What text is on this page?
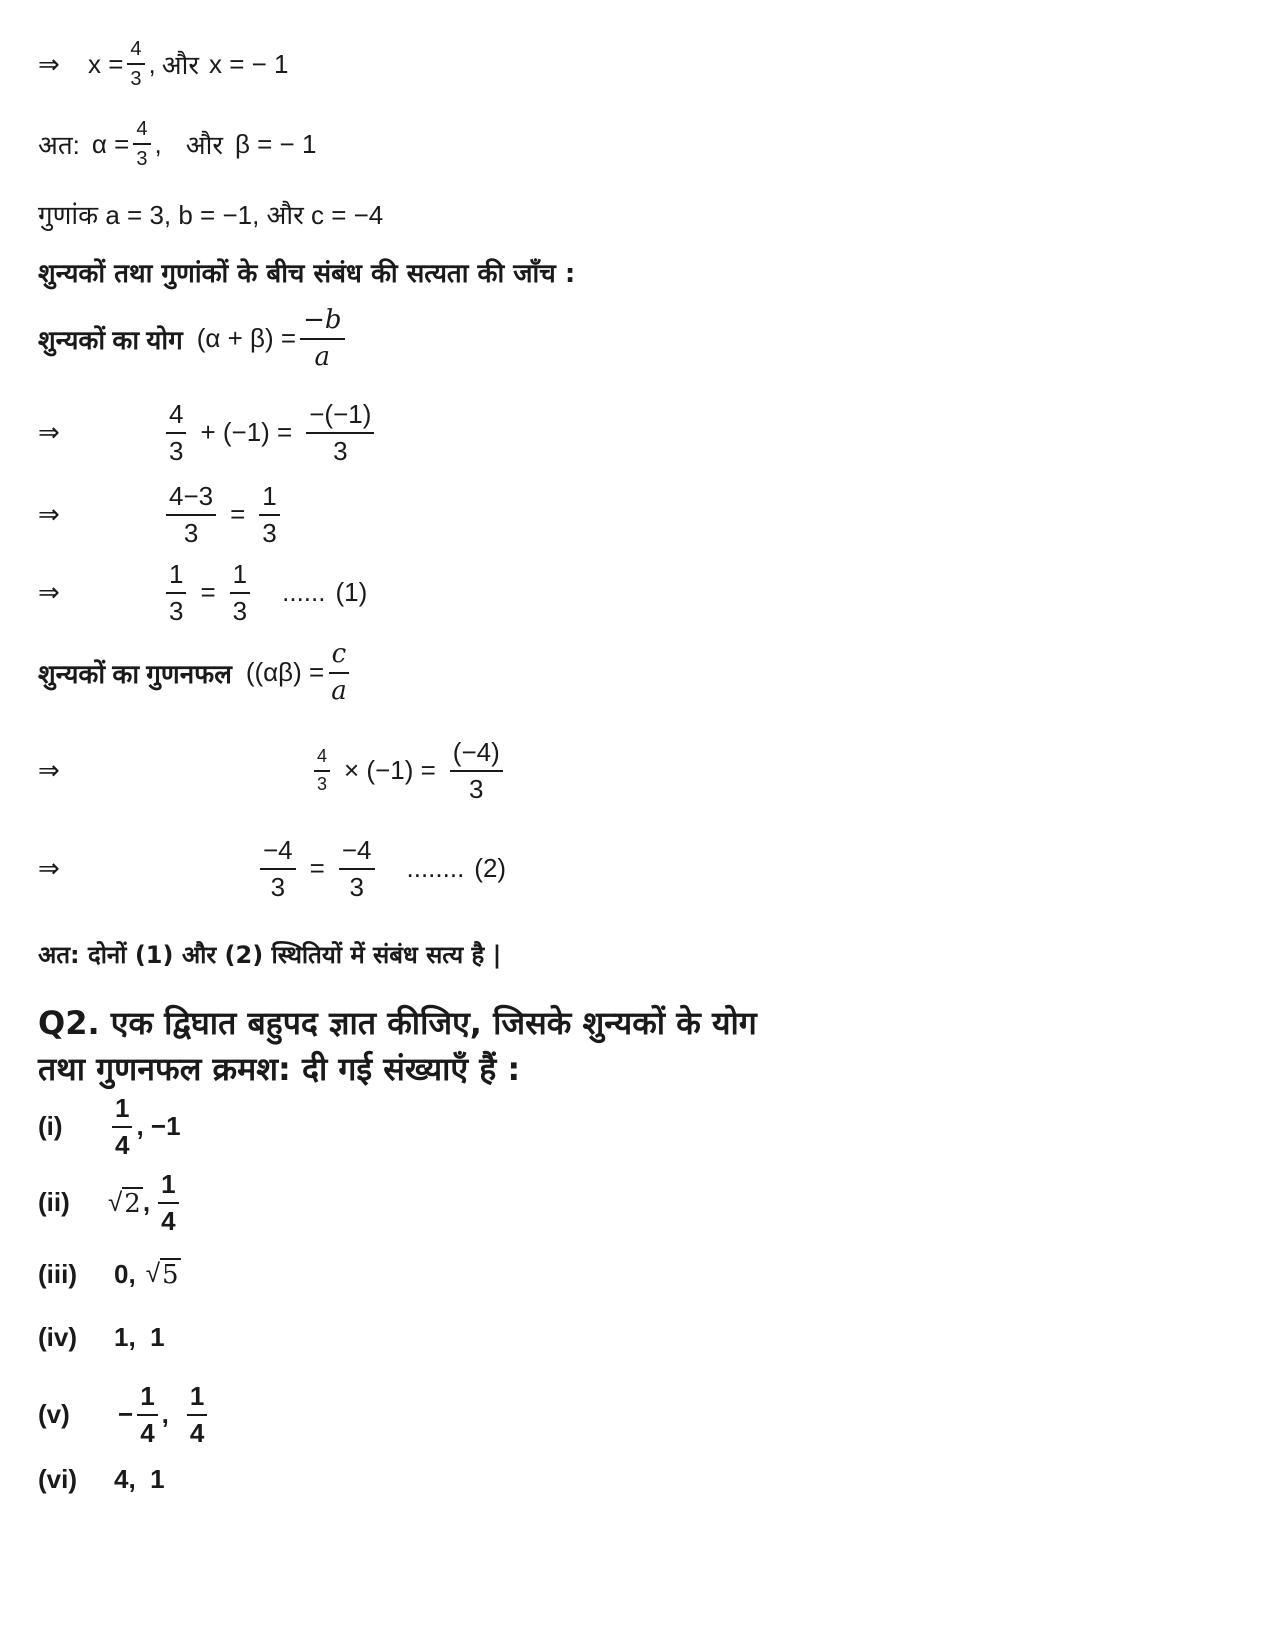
⇒	$x = \frac{4}{3}$ , और x = − 1
अत: $\alpha = \frac{4}{3}$ , और β = − 1
गुणांक a = 3, b = −1, और c = −4
शुन्यकों तथा गुणांकों के बीच संबंध की सत्यता की जाँच :
शुन्यकों का योग $(\alpha + \beta) = \frac{-b}{a}$
⇒	$\frac{4}{3} + (-1) = \frac{-(-1)}{3}$
⇒	$\frac{4-3}{3} = \frac{1}{3}$
⇒	$\frac{1}{3} = \frac{1}{3}$ ...... (1)
शुन्यकों का गुणनफल ($(\alpha\beta) = \frac{c}{a}$
⇒	$\frac{4}{3} \times (-1) = \frac{(-4)}{3}$
⇒	$\frac{-4}{3} = \frac{-4}{3}$ ........ (2)
अत: दोनों (1) और (2) स्थितियों में संबंध सत्य है |
Q2. एक द्विघात बहुपद ज्ञात कीजिए, जिसके शुन्यकों के योग
तथा गुणनफल क्रमश: दी गई संख्याएँ हैं :
(i)	$\frac{1}{4}$ , −1
(ii)	√ 2 , $\frac{1}{4}$
(iii)	0, √ 5
(iv)	1,  1
(v)	− $\frac{1}{4}$ , $\frac{1}{4}$
(vi)	4,  1
